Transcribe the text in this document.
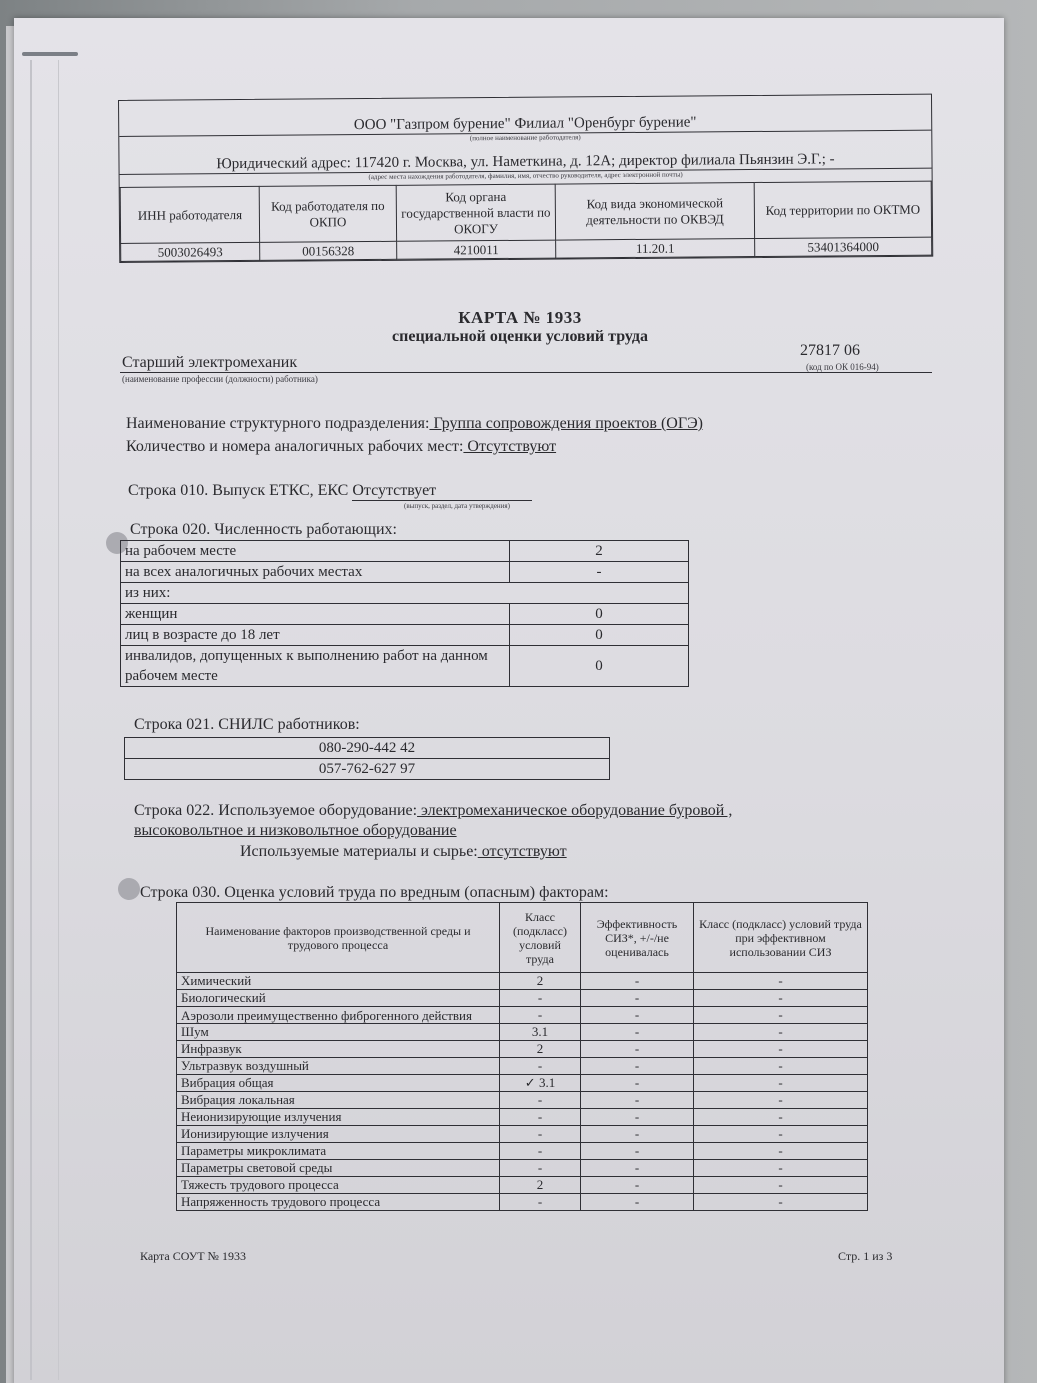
ООО "Газпром бурение" Филиал "Оренбург бурение"
(полное наименование работодателя)
Юридический адрес: 117420 г. Москва, ул. Наметкина, д. 12А; директор филиала Пьянзин Э.Г.; -
(адрес места нахождения работодателя, фамилия, имя, отчество руководителя, адрес электронной почты)
ИНН работодателя	Код работодателя по ОКПО	Код органа государственной власти по ОКОГУ	Код вида экономической деятельности по ОКВЭД	Код территории по ОКТМО
5003026493	00156328	4210011	11.20.1	53401364000
КАРТА № 1933
специальной оценки условий труда
Старший электромеханик
27817 06
(наименование профессии (должности) работника)
(код по ОК 016-94)
Наименование структурного подразделения: Группа сопровождения проектов (ОГЭ)
Количество и номера аналогичных рабочих мест: Отсутствуют
Строка 010. Выпуск ЕТКС, ЕКС Отсутствует
(выпуск, раздел, дата утверждения)
Строка 020. Численность работающих:
на рабочем месте	2
на всех аналогичных рабочих местах	-
из них:	
женщин	0
лиц в возрасте до 18 лет	0
инвалидов, допущенных к выполнению работ на данном рабочем месте	0
Строка 021. СНИЛС работников:
080-290-442 42
057-762-627 97
Строка 022. Используемое оборудование: электромеханическое оборудование буровой ,
высоковольтное и низковольтное оборудование
Используемые материалы и сырье: отсутствуют
Строка 030. Оценка условий труда по вредным (опасным) факторам:
Наименование факторов производственной среды и трудового процесса	Класс (подкласс) условий труда	Эффективность СИЗ*, +/-/не оценивалась	Класс (подкласс) условий труда при эффективном использовании СИЗ
Химический	2	-	-
Биологический	-	-	-
Аэрозоли преимущественно фиброгенного действия	-	-	-
Шум	3.1	-	-
Инфразвук	2	-	-
Ультразвук воздушный	-	-	-
Вибрация общая	✓ 3.1	-	-
Вибрация локальная	-	-	-
Неионизирующие излучения	-	-	-
Ионизирующие излучения	-	-	-
Параметры микроклимата	-	-	-
Параметры световой среды	-	-	-
Тяжесть трудового процесса	2	-	-
Напряженность трудового процесса	-	-	-
Карта СОУТ № 1933	Стр. 1 из 3
